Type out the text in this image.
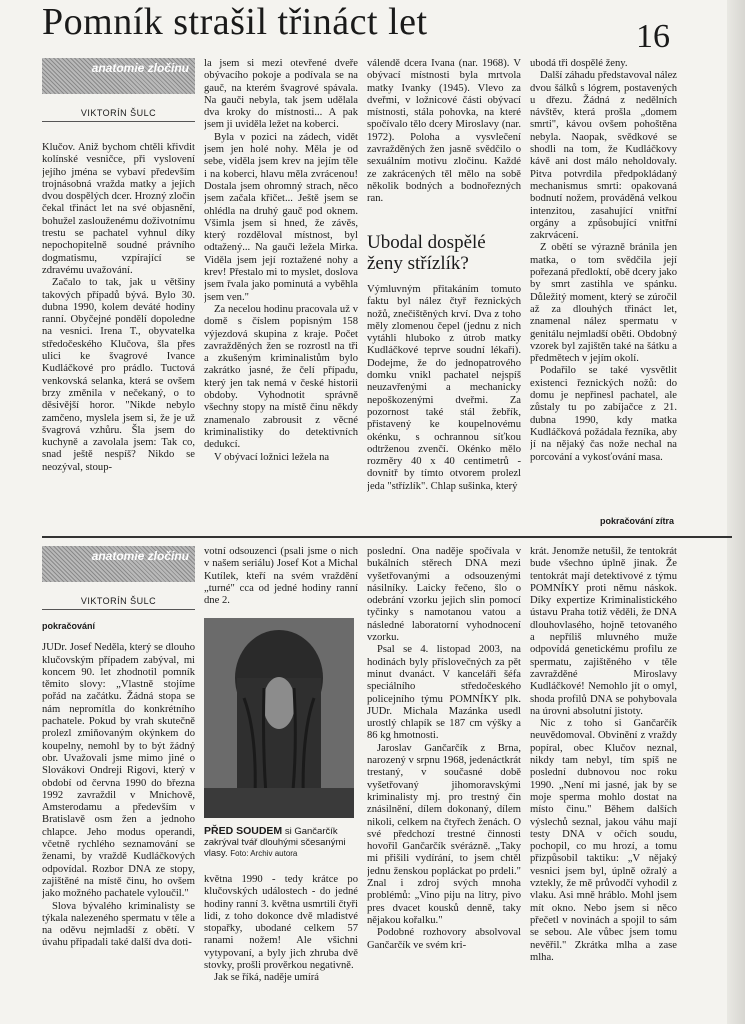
Pomník strašil třináct let	16
anatomie zločinu
VIKTORÍN ŠULC

Klučov. Aniž bychom chtěli křivdit kolínské vesničce, při vyslovení jejího jména se vybaví především trojnásobná vražda matky a jejích dvou dospělých dcer. Hrozný zločin čekal třináct let na své objasnění, bohužel zaslouženému doživotnímu trestu se pachatel vyhnul díky nepochopitelně soudné právního dogmatismu, vzpírající se zdravému uvažování.

Začalo to tak, jak u většiny takových případů bývá. Bylo 30. dubna 1990, kolem deváté hodiny ranní. Obyčejné pondělí dopoledne na vesnici. Irena T., obyvatelka středočeského Klučova, šla přes ulici ke švagrové Ivance Kudláčkové pro prádlo. Tuctová venkovská selanka, která se ovšem brzy změnila v nečekaný, o to děsivější horor. "Nikde nebylo zamčeno, myslela jsem si, že je už švagrová vzhůru. Šla jsem do kuchyně a zavolala jsem: Tak co, snad ještě nespíš? Nikdo se neozýval, stoup-

la jsem si mezi otevřené dveře obývacího pokoje a podívala se na gauč, na kterém švagrové spávala. Na gauči nebyla, tak jsem udělala dva kroky do místnosti... A pak jsem ji uviděla ležet na koberci.

Byla v pozici na zádech, vidět jsem jen holé nohy. Měla je od sebe, viděla jsem krev na jejím těle i na koberci, hlavu měla zvrácenou! Dostala jsem ohromný strach, něco jsem začala křičet... Ještě jsem se ohlédla na druhý gauč pod oknem. Všimla jsem si hned, že závěs, který rozděloval místnost, byl odtažený... Na gauči ležela Mirka. Viděla jsem její roztažené nohy a krev! Přestalo mi to myslet, doslova jsem řvala jako pominutá a vyběhla jsem ven."

Za necelou hodinu pracovala už v domě s číslem popisným 158 výjezdová skupina z kraje. Počet zavražděných žen se rozrostl na tři a zkušeným kriminalistům bylo zakrátko jasné, že čelí případu, který jen tak nemá v české historii obdoby. Vyhodnotit správně všechny stopy na místě činu někdy znamenalo zabrousit z věcné kriminalistiky do detektivních dedukcí.

V obývací ložnici ležela na

válendě dcera Ivana (nar. 1968). V obývací místnosti byla mrtvola matky Ivanky (1945). Vlevo za dveřmi, v ložnicové části obývací místnosti, stála pohovka, na které spočívalo tělo dcery Miroslavy (nar. 1972). Poloha a vysvlečení zavražděných žen jasně svědčilo o sexuálním motivu zločinu. Každé ze zakrácených těl mělo na sobě několik bodných a bodnořezných ran.

Ubodal dospělé ženy střízlík?

Výmluvným přitakáním tomuto faktu byl nález čtyř řeznických nožů, znečištěných krví. Dva z toho měly zlomenou čepel (jednu z nich vytáhli hluboko z útrob matky Kudláčkové teprve soudní lékaři). Dodejme, že do jednopatrového domku vnikl pachatel nejspíš neuzavřenými a mechanicky nepoškozenými dveřmi. Za pozornost také stál žebřík, přistavený ke koupelnovému okénku, s ochrannou síťkou odtrženou zvenčí. Okénko mělo rozměry 40 x 40 centimetrů - dovnitř by tímto otvorem prolezl jeda "střízlík". Chlap sušinka, který

ubodá tři dospělé ženy.

Další záhadu představoval nález dvou šálků s lógrem, postavených u dřezu. Žádná z nedělních návštěv, která prošla „domem smrti", kávou ovšem pohoštěna nebyla. Naopak, svědkové se shodli na tom, že Kudláčkovy kávě ani dost málo neholdovaly. Pitva potvrdila předpokládaný mechanismus smrti: opakovaná bodnutí nožem, prováděná velkou intenzitou, zasahující vnitřní orgány a způsobující vnitřní zakrvácení.

Z obětí se výrazně bránila jen matka, o tom svědčila její pořezaná předloktí, obě dcery jako by smrt zastihla ve spánku. Důležitý moment, který se zúročil až za dlouhých třináct let, znamenal nález spermatu v genitálu nejmladší oběti. Obdobný vzorek byl zajištěn také na šátku a předmětech v jejím okolí.

Podařilo se také vysvětlit existenci řeznických nožů: do domu je nepřinesl pachatel, ale zůstaly tu po zabíjačce z 21. dubna 1990, kdy matka Kudláčková požádala řezníka, aby jí na nějaký čas nože nechal na porcování a vykosťování masa.

pokračování zítra
anatomie zločinu
VIKTORÍN ŠULC
pokračování

JUDr. Josef Neděla, který se dlouho klučovským případem zabýval, mi koncem 90. let zhodnotil pomník těmito slovy: „Vlastně stojíme pořád na začátku. Žádná stopa se nám nepromítla do konkrétního pachatele. Pokud by vrah skutečně prolezl zmiňovaným okýnkem do koupelny, nemohl by to být žádný obr. Uvažovali jsme mimo jiné o Slovákovi Ondreji Rigovi, který v období od června 1990 do března 1992 zavraždil v Mnichově, Amsterodamu a především v Bratislavě osm žen a jednoho chlapce. Jeho modus operandi, včetně rychlého seznamování se ženami, by vraždě Kudláčkových odpovídal. Rozbor DNA ze stopy, zajištěné na místě činu, ho ovšem jako možného pachatele vyloučil."

Slova bývalého kriminalisty se týkala nalezeného spermatu v těle a na oděvu nejmladší z obětí. V úvahu připadali také další dva doti-

votní odsouzenci (psali jsme o nich v našem seriálu) Josef Kot a Michal Kutílek, kteří na svém vraždění „turné" cca od jedné hodiny ranní dne 2.

PŘED SOUDEM si Gančarčík zakrýval tvář dlouhými sčesanými vlasy. Foto: Archiv autora

května 1990 - tedy krátce po klučovských událostech - do jedné hodiny ranní 3. května usmrtili čtyři lidi, z toho dokonce dvě mladistvé stopařky, ubodané celkem 57 ranami nožem! Ale všichni vytypovaní, a byly jich zhruba dvě stovky, prošli prověrkou negativně.

Jak se říká, naděje umírá

poslední. Ona naděje spočívala v bukálních stěrech DNA mezi vyšetřovanými a odsouzenými násilníky. Laicky řečeno, šlo o odebrání vzorku jejich slin pomocí tyčinky s namotanou vatou a následné laboratorní vyhodnocení vzorku.

Psal se 4. listopad 2003, na hodinách byly příslovečných za pět minut dvanáct. V kanceláři šéfa speciálního středočeského policejního týmu POMNÍKY plk. JUDr. Michala Mazánka usedl urostlý chlapík se 187 cm výšky a 86 kg hmotnosti.

Jaroslav Gančarčík z Brna, narozený v srpnu 1968, jedenáctkrát trestaný, v současné době vyšetřovaný jihomoravskými kriminalisty mj. pro trestný čin znásilnění, dílem dokonaný, dílem nikoli, celkem na čtyřech ženách. O své předchozí trestné činnosti hovořil Gančarčík svérázně. „Taky mi přišili vydírání, to jsem chtěl jednu ženskou popláckat po prdeli." Znal i zdroj svých mnoha problémů: „Vino piju na litry, pivo pres dvacet kousků denně, taky nějakou kořalku."

Podobné rozhovory absolvoval Gančarčík ve svém kri-

krát. Jenomže netušil, že tentokrát bude všechno úplně jinak. Že tentokrát mají detektivové z týmu POMNÍKY proti němu náskok. Díky expertize Kriminalistického ústavu Praha totiž věděli, že DNA dlouhovlasého, hojně tetovaného a nepříliš mluvného muže odpovídá genetickému profilu ze spermatu, zajištěného v těle zavražděné Miroslavy Kudláčkové! Nemohlo jít o omyl, shoda profilů DNA se pohybovala na úrovni absolutní jistoty.

Nic z toho si Gančarčík neuvědomoval. Obvinění z vraždy popíral, obec Klučov neznal, nikdy tam nebyl, tím spíš ne poslední dubnovou noc roku 1990. „Není mi jasné, jak by se moje sperma mohlo dostat na místo činu." Během dalších výslechů seznal, jakou váhu mají testy DNA v očích soudu, pochopil, co mu hrozí, a tomu přizpůsobil taktiku: „V nějaký vesnici jsem byl, úplně ožralý a vztekly, že mě průvodčí vyhodil z vlaku. Asi mně hráblo. Mohl jsem mít okno. Nebo jsem si něco přečetl v novinách a spojil to sám se sebou. Ale vůbec jsem tomu nevěřil." Zkrátka mlha a zase mlha.
